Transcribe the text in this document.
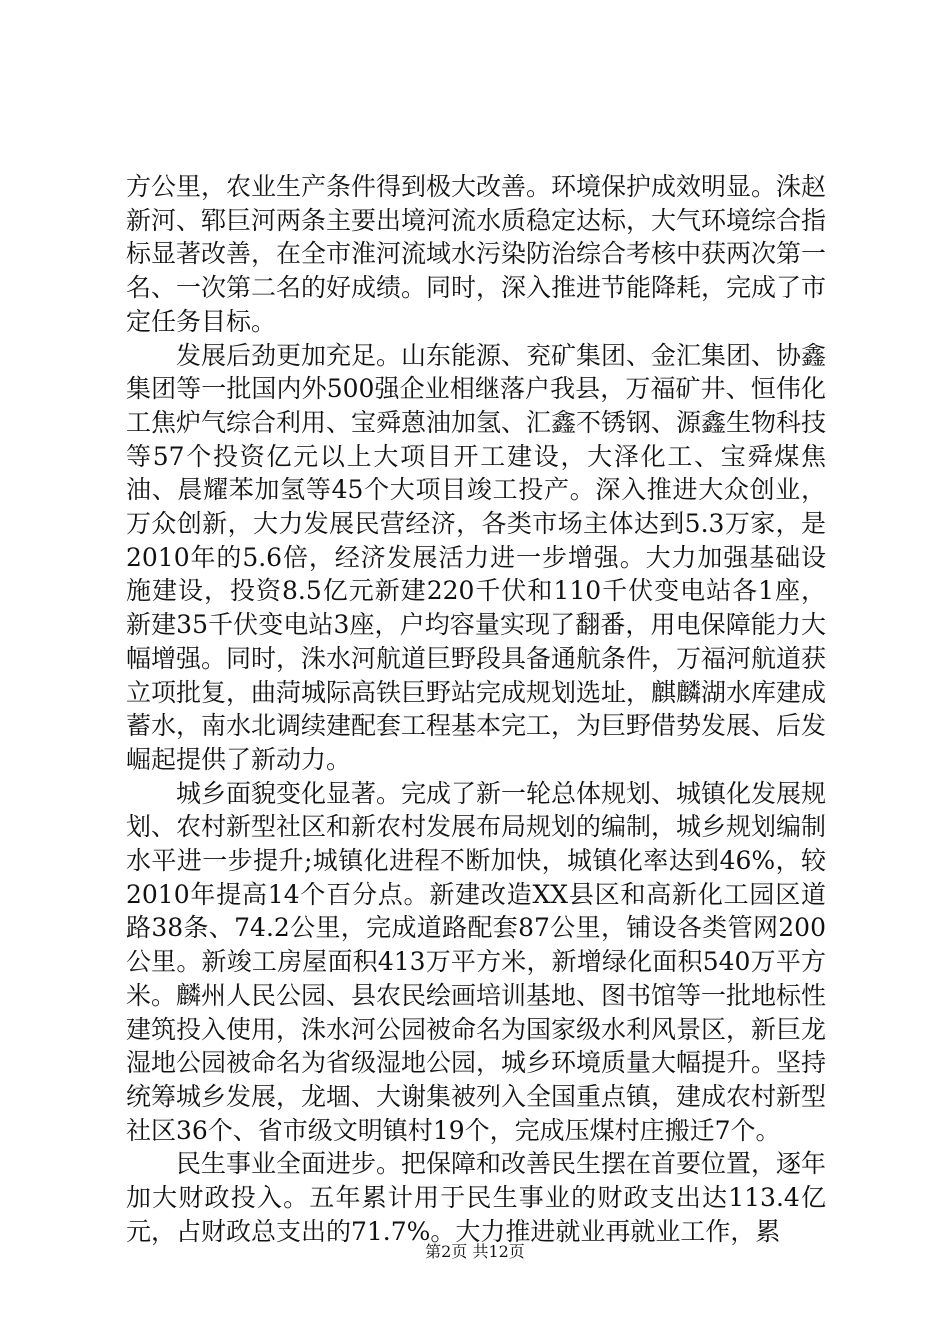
方公里，农业生产条件得到极大改善。环境保护成效明显。洙赵新河、郓巨河两条主要出境河流水质稳定达标，大气环境综合指标显著改善，在全市淮河流域水污染防治综合考核中获两次第一名、一次第二名的好成绩。同时，深入推进节能降耗，完成了市定任务目标。

发展后劲更加充足。山东能源、兖矿集团、金汇集团、协鑫集团等一批国内外500强企业相继落户我县，万福矿井、恒伟化工焦炉气综合利用、宝舜蒽油加氢、汇鑫不锈钢、源鑫生物科技等57个投资亿元以上大项目开工建设，大泽化工、宝舜煤焦油、晨耀苯加氢等45个大项目竣工投产。深入推进大众创业，万众创新，大力发展民营经济，各类市场主体达到5.3万家，是2010年的5.6倍，经济发展活力进一步增强。大力加强基础设施建设，投资8.5亿元新建220千伏和110千伏变电站各1座，新建35千伏变电站3座，户均容量实现了翻番，用电保障能力大幅增强。同时，洙水河航道巨野段具备通航条件，万福河航道获立项批复，曲菏城际高铁巨野站完成规划选址，麒麟湖水库建成蓄水，南水北调续建配套工程基本完工，为巨野借势发展、后发崛起提供了新动力。

城乡面貌变化显著。完成了新一轮总体规划、城镇化发展规划、农村新型社区和新农村发展布局规划的编制，城乡规划编制水平进一步提升;城镇化进程不断加快，城镇化率达到46%，较2010年提高14个百分点。新建改造XX县区和高新化工园区道路38条、74.2公里，完成道路配套87公里，铺设各类管网200公里。新竣工房屋面积413万平方米，新增绿化面积540万平方米。麟州人民公园、县农民绘画培训基地、图书馆等一批地标性建筑投入使用，洙水河公园被命名为国家级水利风景区，新巨龙湿地公园被命名为省级湿地公园，城乡环境质量大幅提升。坚持统筹城乡发展，龙堌、大谢集被列入全国重点镇，建成农村新型社区36个、省市级文明镇村19个，完成压煤村庄搬迁7个。

民生事业全面进步。把保障和改善民生摆在首要位置，逐年加大财政投入。五年累计用于民生事业的财政支出达113.4亿元，占财政总支出的71.7%。大力推进就业再就业工作，累

第2页 共12页
